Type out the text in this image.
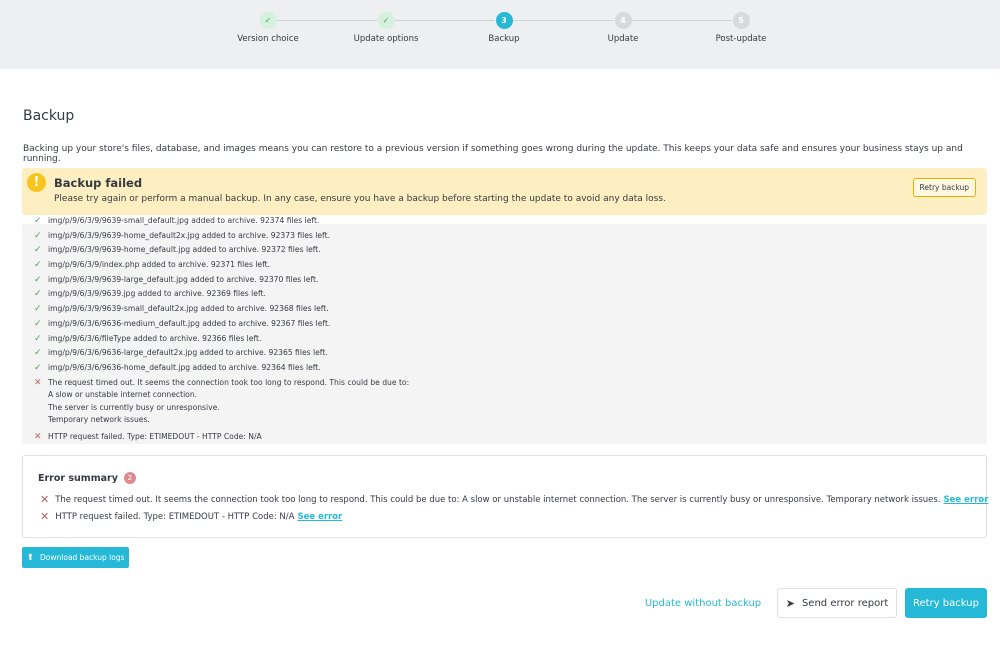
✓
Version choice
✓
Update options
3
Backup
4
Update
5
Post-update
Backup

Backing up your store's files, database, and images means you can restore to a previous version if something goes wrong during the update. This keeps your data safe and ensures your business stays up and running.

!	Backup failed
Please try again or perform a manual backup. In any case, ensure you have a backup before starting the update to avoid any data loss.
Retry backup
✓ img/p/9/6/3/9/9639-small_default.jpg added to archive. 92374 files left.
✓ img/p/9/6/3/9/9639-home_default2x.jpg added to archive. 92373 files left.
✓ img/p/9/6/3/9/9639-home_default.jpg added to archive. 92372 files left.
✓ img/p/9/6/3/9/index.php added to archive. 92371 files left.
✓ img/p/9/6/3/9/9639-large_default.jpg added to archive. 92370 files left.
✓ img/p/9/6/3/9/9639.jpg added to archive. 92369 files left.
✓ img/p/9/6/3/9/9639-small_default2x.jpg added to archive. 92368 files left.
✓ img/p/9/6/3/6/9636-medium_default.jpg added to archive. 92367 files left.
✓ img/p/9/6/3/6/fileType added to archive. 92366 files left.
✓ img/p/9/6/3/6/9636-large_default2x.jpg added to archive. 92365 files left.
✓ img/p/9/6/3/6/9636-home_default.jpg added to archive. 92364 files left.
✕ The request timed out. It seems the connection took too long to respond. This could be due to:
A slow or unstable internet connection.
The server is currently busy or unresponsive.
Temporary network issues.
✕ HTTP request failed. Type: ETIMEDOUT - HTTP Code: N/A
Error summary	2
✕ The request timed out. It seems the connection took too long to respond. This could be due to: A slow or unstable internet connection. The server is currently busy or unresponsive. Temporary network issues. See error
✕ HTTP request failed. Type: ETIMEDOUT - HTTP Code: N/A See error
⬆ Download backup logs
Update without backup	➤ Send error report	Retry backup
